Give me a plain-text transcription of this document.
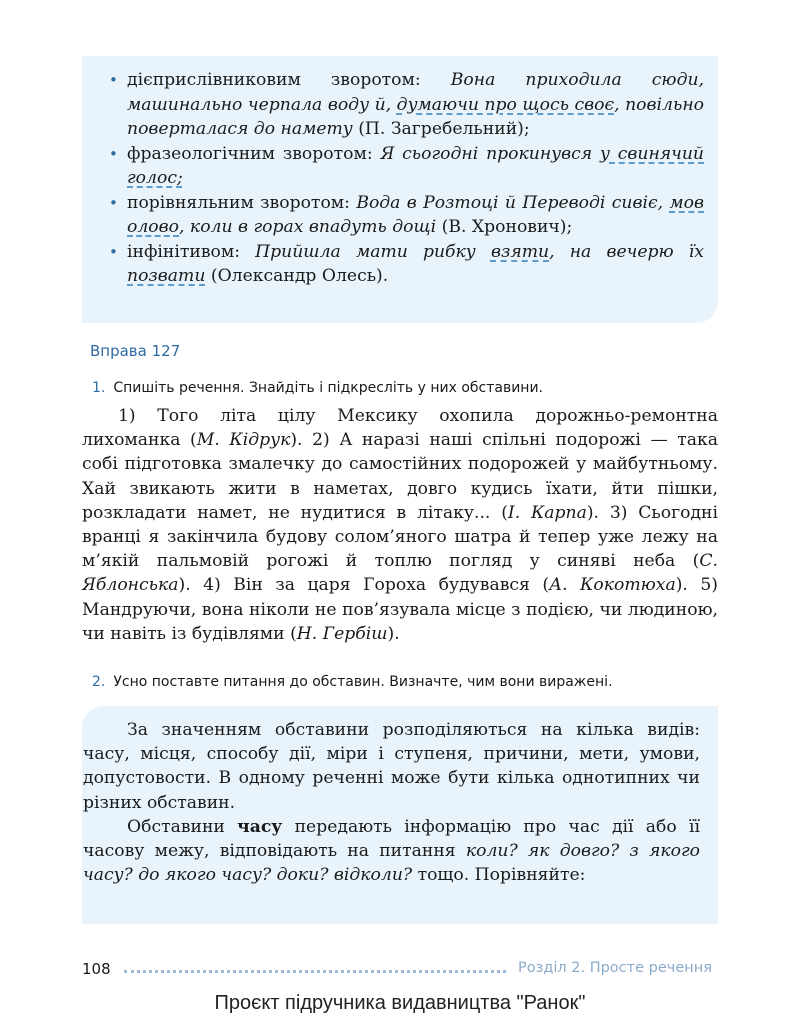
• дієприслівниковим зворотом: Вона приходила сюди, машинально черпала воду й, думаючи про щось своє, повільно поверталася до намету (П. Загребельний);
• фразеологічним зворотом: Я сьогодні прокинувся у свинячий голос;
• порівняльним зворотом: Вода в Розтоці й Переводі сивіє, мов олово, коли в горах впадуть дощі (В. Хронович);
• інфінітивом: Прийшла мати рибку взяти, на вечерю їх позвати (Олександр Олесь).
Вправа 127
1. Спишіть речення. Знайдіть і підкресліть у них обставини.

1) Того літа цілу Мексику охопила дорожньо-ремонтна лихоманка (М. Кідрук). 2) А наразі наші спільні подорожі — така собі підготовка змалечку до самостійних подорожей у майбутньому. Хай звикають жити в наметах, довго кудись їхати, йти пішки, розкладати намет, не нудитися в літаку... (І. Карпа). 3) Сьогодні вранці я закінчила будову солом’яного шатра й тепер уже лежу на м’якій пальмовій рогожі й топлю погляд у синяві неба (С. Яблонська). 4) Він за царя Гороха будувався (А. Кокотюха). 5) Мандруючи, вона ніколи не пов’язувала місце з подією, чи людиною, чи навіть із будівлями (Н. Гербіш).

2. Усно поставте питання до обставин. Визначте, чим вони виражені.

За значенням обставини розподіляються на кілька видів: часу, місця, способу дії, міри і ступеня, причини, мети, умови, допустовости. В одному реченні може бути кілька однотипних чи різних обставин.

Обставини часу передають інформацію про час дії або її часову межу, відповідають на питання коли? як довго? з якого часу? до якого часу? доки? відколи? тощо. Порівняйте:

108	Розділ 2. Просте речення
Проєкт підручника видавництва "Ранок"
